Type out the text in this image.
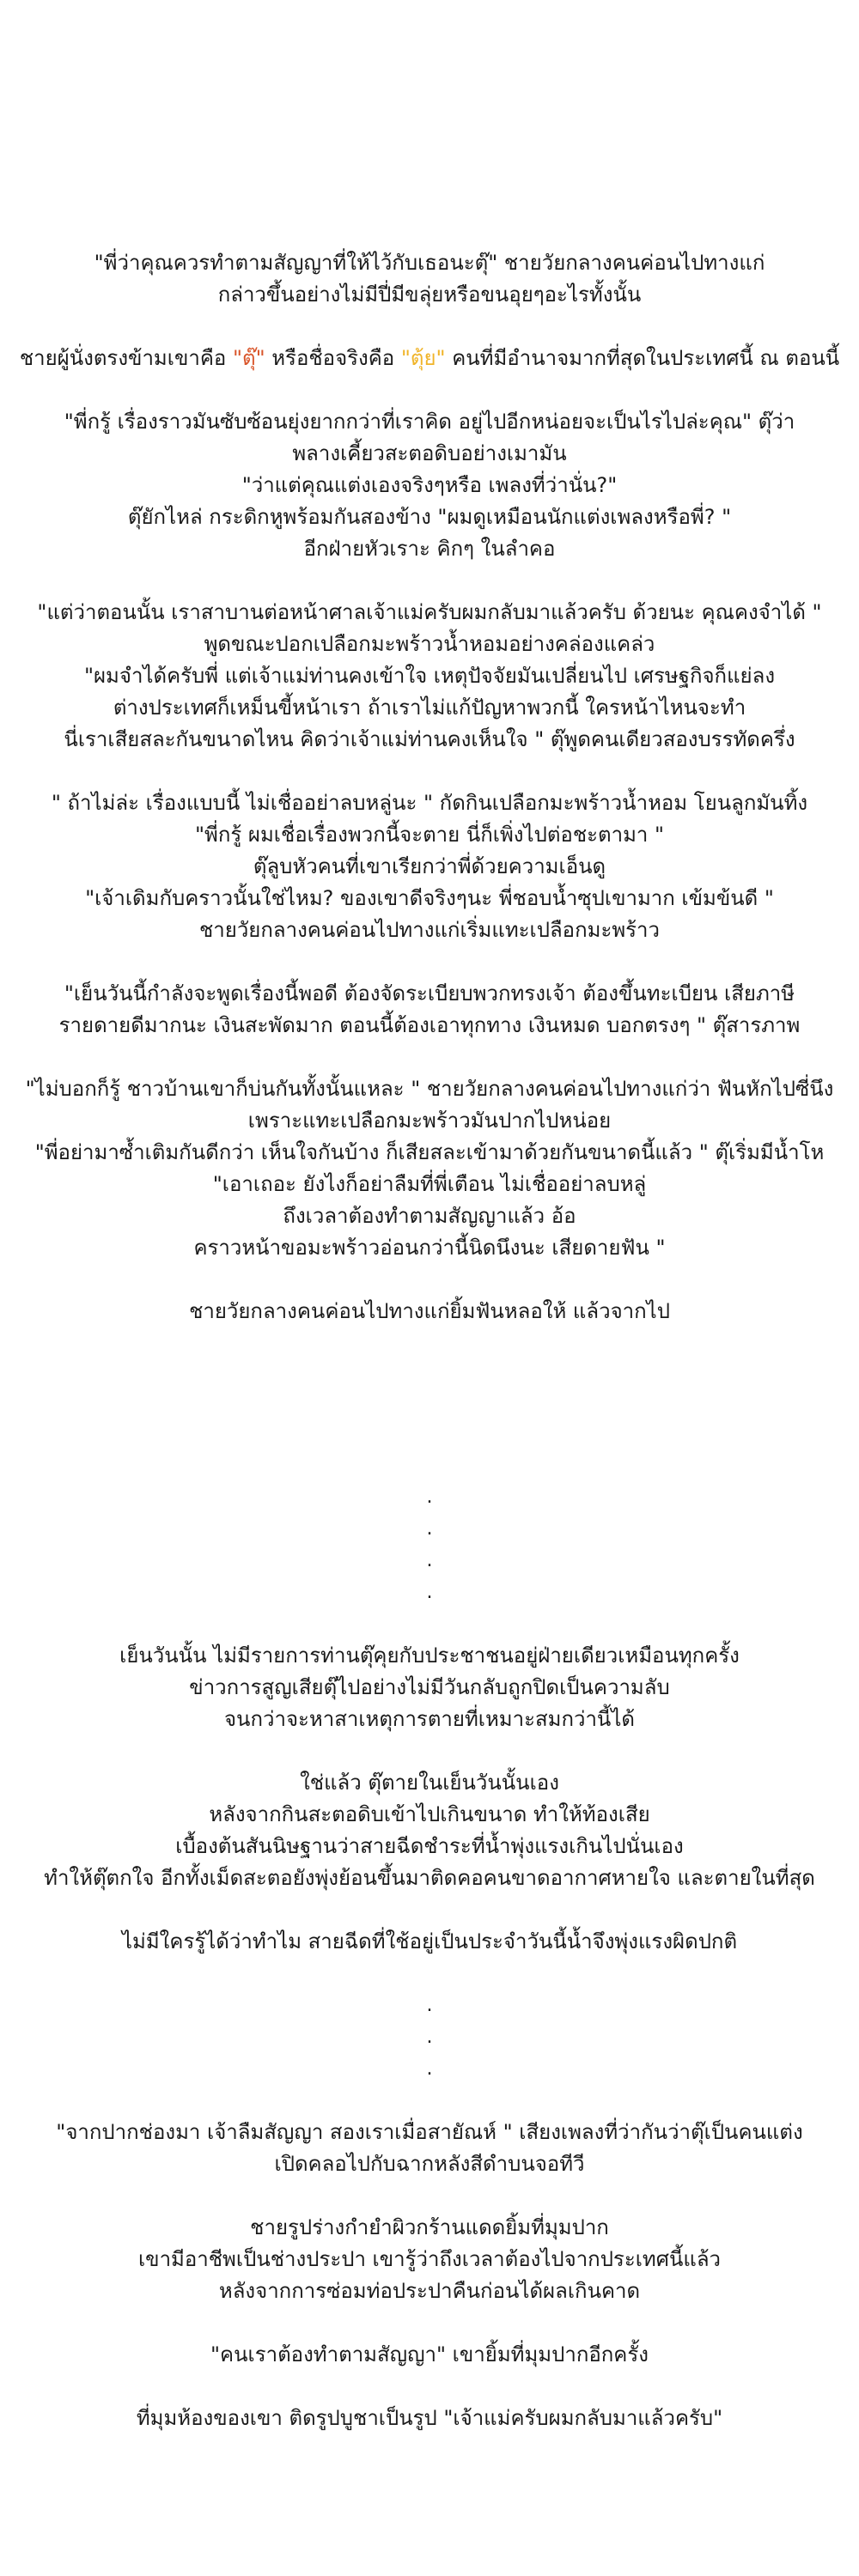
"พี่ว่าคุณควรทำตามสัญญาที่ให้ไว้กับเธอนะตุ๊" ชายวัยกลางคนค่อนไปทางแก่
กล่าวขึ้นอย่างไม่มีปี่มีขลุ่ยหรือขนอุยๆอะไรทั้งนั้น
ชายผู้นั่งตรงข้ามเขาคือ "ตุ๊" หรือชื่อจริงคือ "ตุ้ย" คนที่มีอำนาจมากที่สุดในประเทศนี้ ณ ตอนนี้
"พี่กรู้ เรื่องราวมันซับซ้อนยุ่งยากกว่าที่เราคิด อยู่ไปอีกหน่อยจะเป็นไรไปล่ะคุณ" ตุ๊ว่า
พลางเคี้ยวสะตอดิบอย่างเมามัน
"ว่าแต่คุณแต่งเองจริงๆหรือ เพลงที่ว่านั่น?"
ตุ๊ยักไหล่ กระดิกหูพร้อมกันสองข้าง "ผมดูเหมือนนักแต่งเพลงหรือพี่? "
อีกฝ่ายหัวเราะ คิกๆ ในลำคอ
"แต่ว่าตอนนั้น เราสาบานต่อหน้าศาลเจ้าแม่ครับผมกลับมาแล้วครับ ด้วยนะ คุณคงจำได้ "
พูดขณะปอกเปลือกมะพร้าวน้ำหอมอย่างคล่องแคล่ว
"ผมจำได้ครับพี่ แต่เจ้าแม่ท่านคงเข้าใจ เหตุปัจจัยมันเปลี่ยนไป เศรษฐกิจก็แย่ลง
ต่างประเทศก็เหม็นขี้หน้าเรา ถ้าเราไม่แก้ปัญหาพวกนี้ ใครหน้าไหนจะทำ
นี่เราเสียสละกันขนาดไหน คิดว่าเจ้าแม่ท่านคงเห็นใจ " ตุ๊พูดคนเดียวสองบรรทัดครึ่ง
" ถ้าไม่ล่ะ เรื่องแบบนี้ ไม่เชื่ออย่าลบหลู่นะ " กัดกินเปลือกมะพร้าวน้ำหอม โยนลูกมันทิ้ง
"พี่กรู้ ผมเชื่อเรื่องพวกนี้จะตาย นี่ก็เพิ่งไปต่อชะตามา "
ตุ๊ลูบหัวคนที่เขาเรียกว่าพี่ด้วยความเอ็นดู
"เจ้าเดิมกับคราวนั้นใช่ไหม? ของเขาดีจริงๆนะ พี่ชอบน้ำซุปเขามาก เข้มข้นดี "
ชายวัยกลางคนค่อนไปทางแก่เริ่มแทะเปลือกมะพร้าว
"เย็นวันนี้กำลังจะพูดเรื่องนี้พอดี ต้องจัดระเบียบพวกทรงเจ้า ต้องขึ้นทะเบียน เสียภาษี
รายดายดีมากนะ เงินสะพัดมาก ตอนนี้ต้องเอาทุกทาง เงินหมด บอกตรงๆ " ตุ๊สารภาพ
"ไม่บอกก็รู้ ชาวบ้านเขาก็บ่นกันทั้งนั้นแหละ " ชายวัยกลางคนค่อนไปทางแก่ว่า ฟันหักไปซี่นึง
เพราะแทะเปลือกมะพร้าวมันปากไปหน่อย
"พี่อย่ามาซ้ำเติมกันดีกว่า เห็นใจกันบ้าง ก็เสียสละเข้ามาด้วยกันขนาดนี้แล้ว " ตุ๊เริ่มมีน้ำโห
"เอาเถอะ ยังไงก็อย่าลืมที่พี่เตือน ไม่เชื่ออย่าลบหลู่
ถึงเวลาต้องทำตามสัญญาแล้ว อ้อ
คราวหน้าขอมะพร้าวอ่อนกว่านี้นิดนึงนะ เสียดายฟัน "
ชายวัยกลางคนค่อนไปทางแก่ยิ้มฟันหลอให้ แล้วจากไป
.
.
.
.
เย็นวันนั้น ไม่มีรายการท่านตุ๊คุยกับประชาชนอยู่ฝ่ายเดียวเหมือนทุกครั้ง
ข่าวการสูญเสียตุ๊ไปอย่างไม่มีวันกลับถูกปิดเป็นความลับ
จนกว่าจะหาสาเหตุการตายที่เหมาะสมกว่านี้ได้
ใช่แล้ว ตุ๊ตายในเย็นวันนั้นเอง
หลังจากกินสะตอดิบเข้าไปเกินขนาด ทำให้ท้องเสีย
เบื้องต้นสันนิษฐานว่าสายฉีดชำระที่น้ำพุ่งแรงเกินไปนั่นเอง
ทำให้ตุ๊ตกใจ อีกทั้งเม็ดสะตอยังพุ่งย้อนขึ้นมาติดคอคนขาดอากาศหายใจ และตายในที่สุด
ไม่มีใครรู้ได้ว่าทำไม สายฉีดที่ใช้อยู่เป็นประจำวันนี้น้ำจึงพุ่งแรงผิดปกติ
.
.
.
"จากปากช่องมา เจ้าลืมสัญญา สองเราเมื่อสายัณห์ " เสียงเพลงที่ว่ากันว่าตุ๊เป็นคนแต่ง
เปิดคลอไปกับฉากหลังสีดำบนจอทีวี
ชายรูปร่างกำยำผิวกร้านแดดยิ้มที่มุมปาก
เขามีอาชีพเป็นช่างประปา เขารู้ว่าถึงเวลาต้องไปจากประเทศนี้แล้ว
หลังจากการซ่อมท่อประปาคืนก่อนได้ผลเกินคาด
"คนเราต้องทำตามสัญญา" เขายิ้มที่มุมปากอีกครั้ง
ที่มุมห้องของเขา ติดรูปบูชาเป็นรูป "เจ้าแม่ครับผมกลับมาแล้วครับ"
